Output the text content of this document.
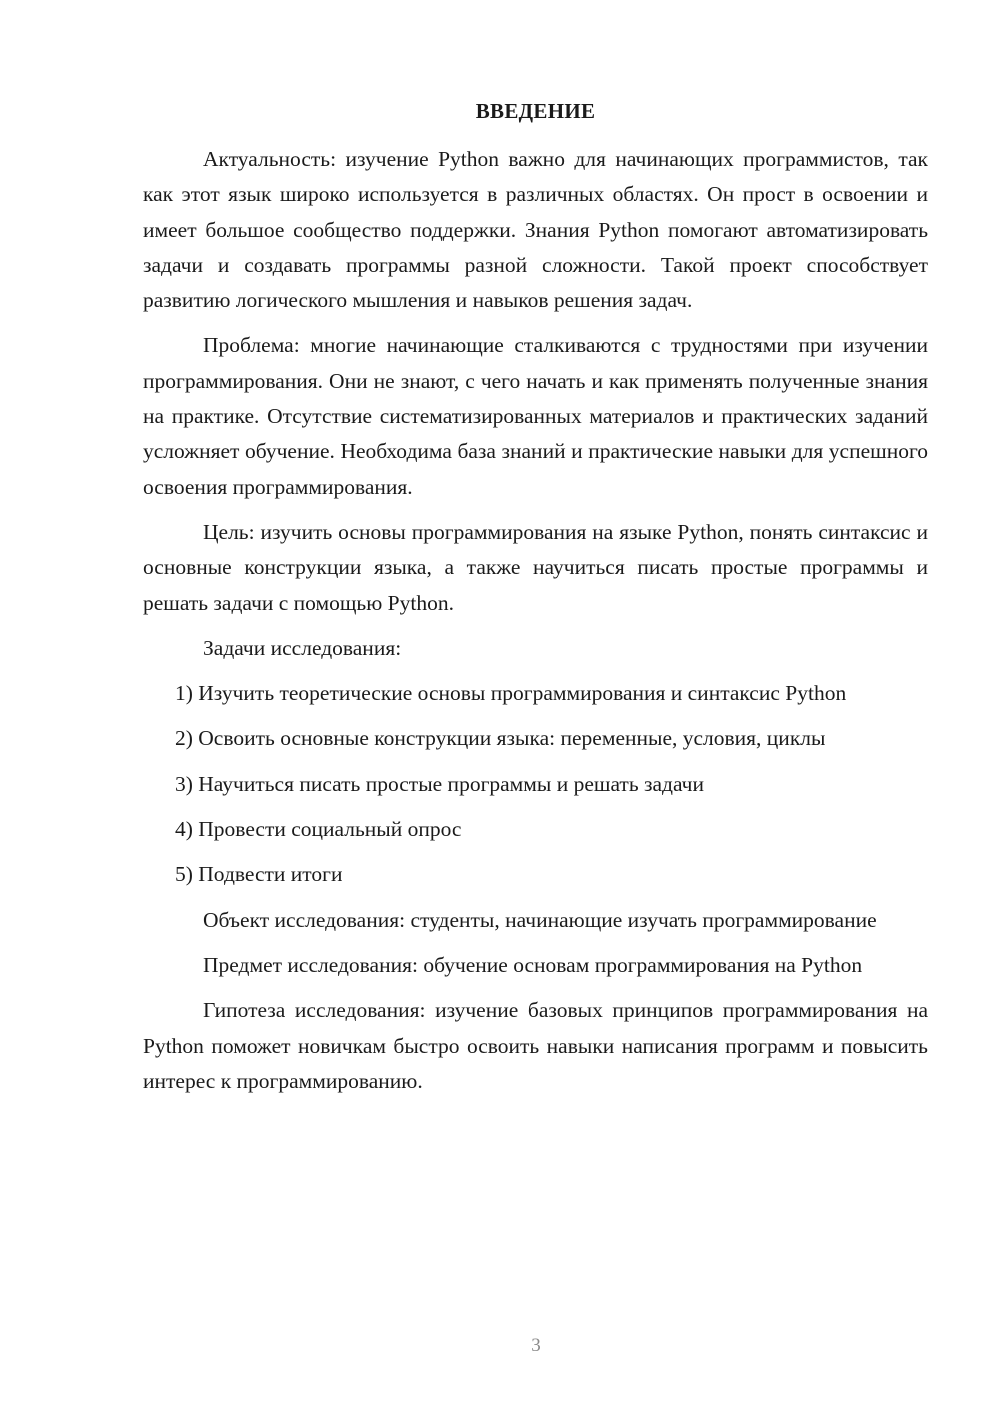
ВВЕДЕНИЕ

Актуальность: изучение Python важно для начинающих программистов, так как этот язык широко используется в различных областях. Он прост в освоении и имеет большое сообщество поддержки. Знания Python помогают автоматизировать задачи и создавать программы разной сложности. Такой проект способствует развитию логического мышления и навыков решения задач.

Проблема: многие начинающие сталкиваются с трудностями при изучении программирования. Они не знают, с чего начать и как применять полученные знания на практике. Отсутствие систематизированных материалов и практических заданий усложняет обучение. Необходима база знаний и практические навыки для успешного освоения программирования.

Цель: изучить основы программирования на языке Python, понять синтаксис и основные конструкции языка, а также научиться писать простые программы и решать задачи с помощью Python.

Задачи исследования:

1) Изучить теоретические основы программирования и синтаксис Python

2) Освоить основные конструкции языка: переменные, условия, циклы

3) Научиться писать простые программы и решать задачи

4) Провести социальный опрос

5) Подвести итоги

Объект исследования: студенты, начинающие изучать программирование

Предмет исследования: обучение основам программирования на Python

Гипотеза исследования: изучение базовых принципов программирования на Python поможет новичкам быстро освоить навыки написания программ и повысить интерес к программированию.

3
